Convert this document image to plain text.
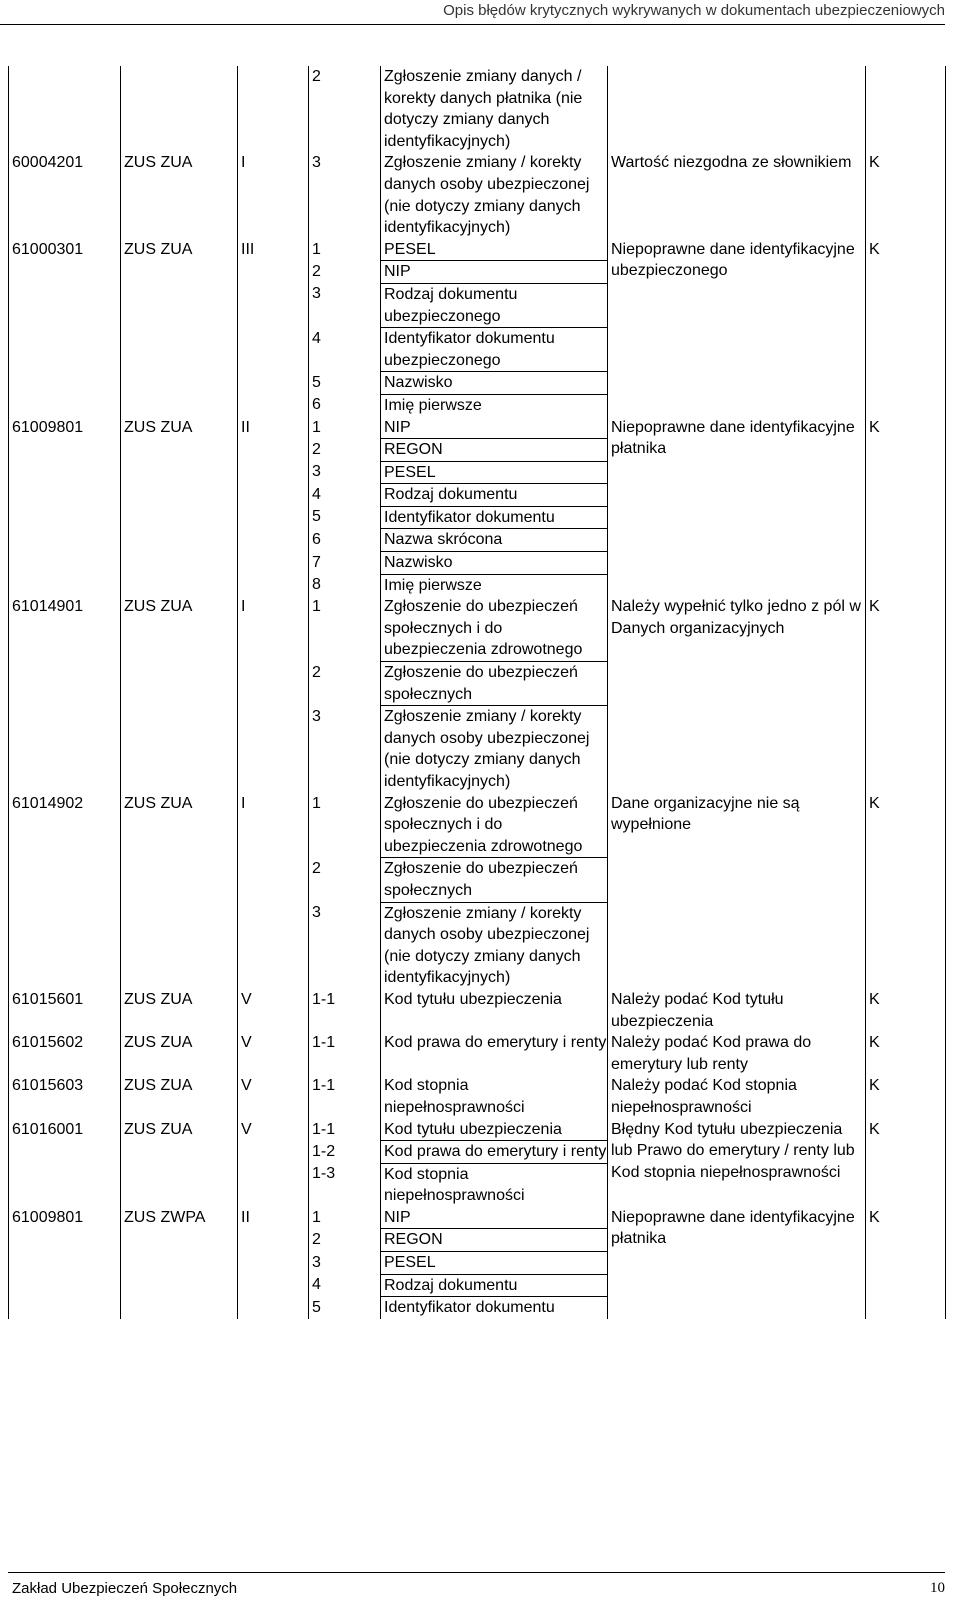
Opis błędów krytycznych wykrywanych w dokumentach ubezpieczeniowych
			2	Zgłoszenie zmiany danych / korekty danych płatnika (nie dotyczy zmiany danych identyfikacyjnych)		
60004201	ZUS ZUA	I	3	Zgłoszenie zmiany / korekty danych osoby ubezpieczonej (nie dotyczy zmiany danych identyfikacyjnych)	Wartość niezgodna ze słownikiem	K
61000301	ZUS ZUA	III	1	PESEL	Niepoprawne dane identyfikacyjne ubezpieczonego	K
			2	NIP		
			3	Rodzaj dokumentu ubezpieczonego		
			4	Identyfikator dokumentu ubezpieczonego		
			5	Nazwisko		
			6	Imię pierwsze		
61009801	ZUS ZUA	II	1	NIP	Niepoprawne dane identyfikacyjne płatnika	K
			2	REGON		
			3	PESEL		
			4	Rodzaj dokumentu		
			5	Identyfikator dokumentu		
			6	Nazwa skrócona		
			7	Nazwisko		
			8	Imię pierwsze		
61014901	ZUS ZUA	I	1	Zgłoszenie do ubezpieczeń społecznych i do ubezpieczenia zdrowotnego	Należy wypełnić tylko jedno z pól w Danych organizacyjnych	K
			2	Zgłoszenie do ubezpieczeń społecznych		
			3	Zgłoszenie zmiany / korekty danych osoby ubezpieczonej (nie dotyczy zmiany danych identyfikacyjnych)		
61014902	ZUS ZUA	I	1	Zgłoszenie do ubezpieczeń społecznych i do ubezpieczenia zdrowotnego	Dane organizacyjne nie są wypełnione	K
			2	Zgłoszenie do ubezpieczeń społecznych		
			3	Zgłoszenie zmiany / korekty danych osoby ubezpieczonej (nie dotyczy zmiany danych identyfikacyjnych)		
61015601	ZUS ZUA	V	1-1	Kod tytułu ubezpieczenia	Należy podać Kod tytułu ubezpieczenia	K
61015602	ZUS ZUA	V	1-1	Kod prawa do emerytury i renty	Należy podać Kod prawa do emerytury lub renty	K
61015603	ZUS ZUA	V	1-1	Kod stopnia niepełnosprawności	Należy podać Kod stopnia niepełnosprawności	K
61016001	ZUS ZUA	V	1-1	Kod tytułu ubezpieczenia	Błędny Kod tytułu ubezpieczenia lub Prawo do emerytury / renty lub Kod stopnia niepełnosprawności	K
			1-2	Kod prawa do emerytury i renty		
			1-3	Kod stopnia niepełnosprawności		
61009801	ZUS ZWPA	II	1	NIP	Niepoprawne dane identyfikacyjne płatnika	K
			2	REGON		
			3	PESEL		
			4	Rodzaj dokumentu		
			5	Identyfikator dokumentu		
Zakład Ubezpieczeń Społecznych	10
